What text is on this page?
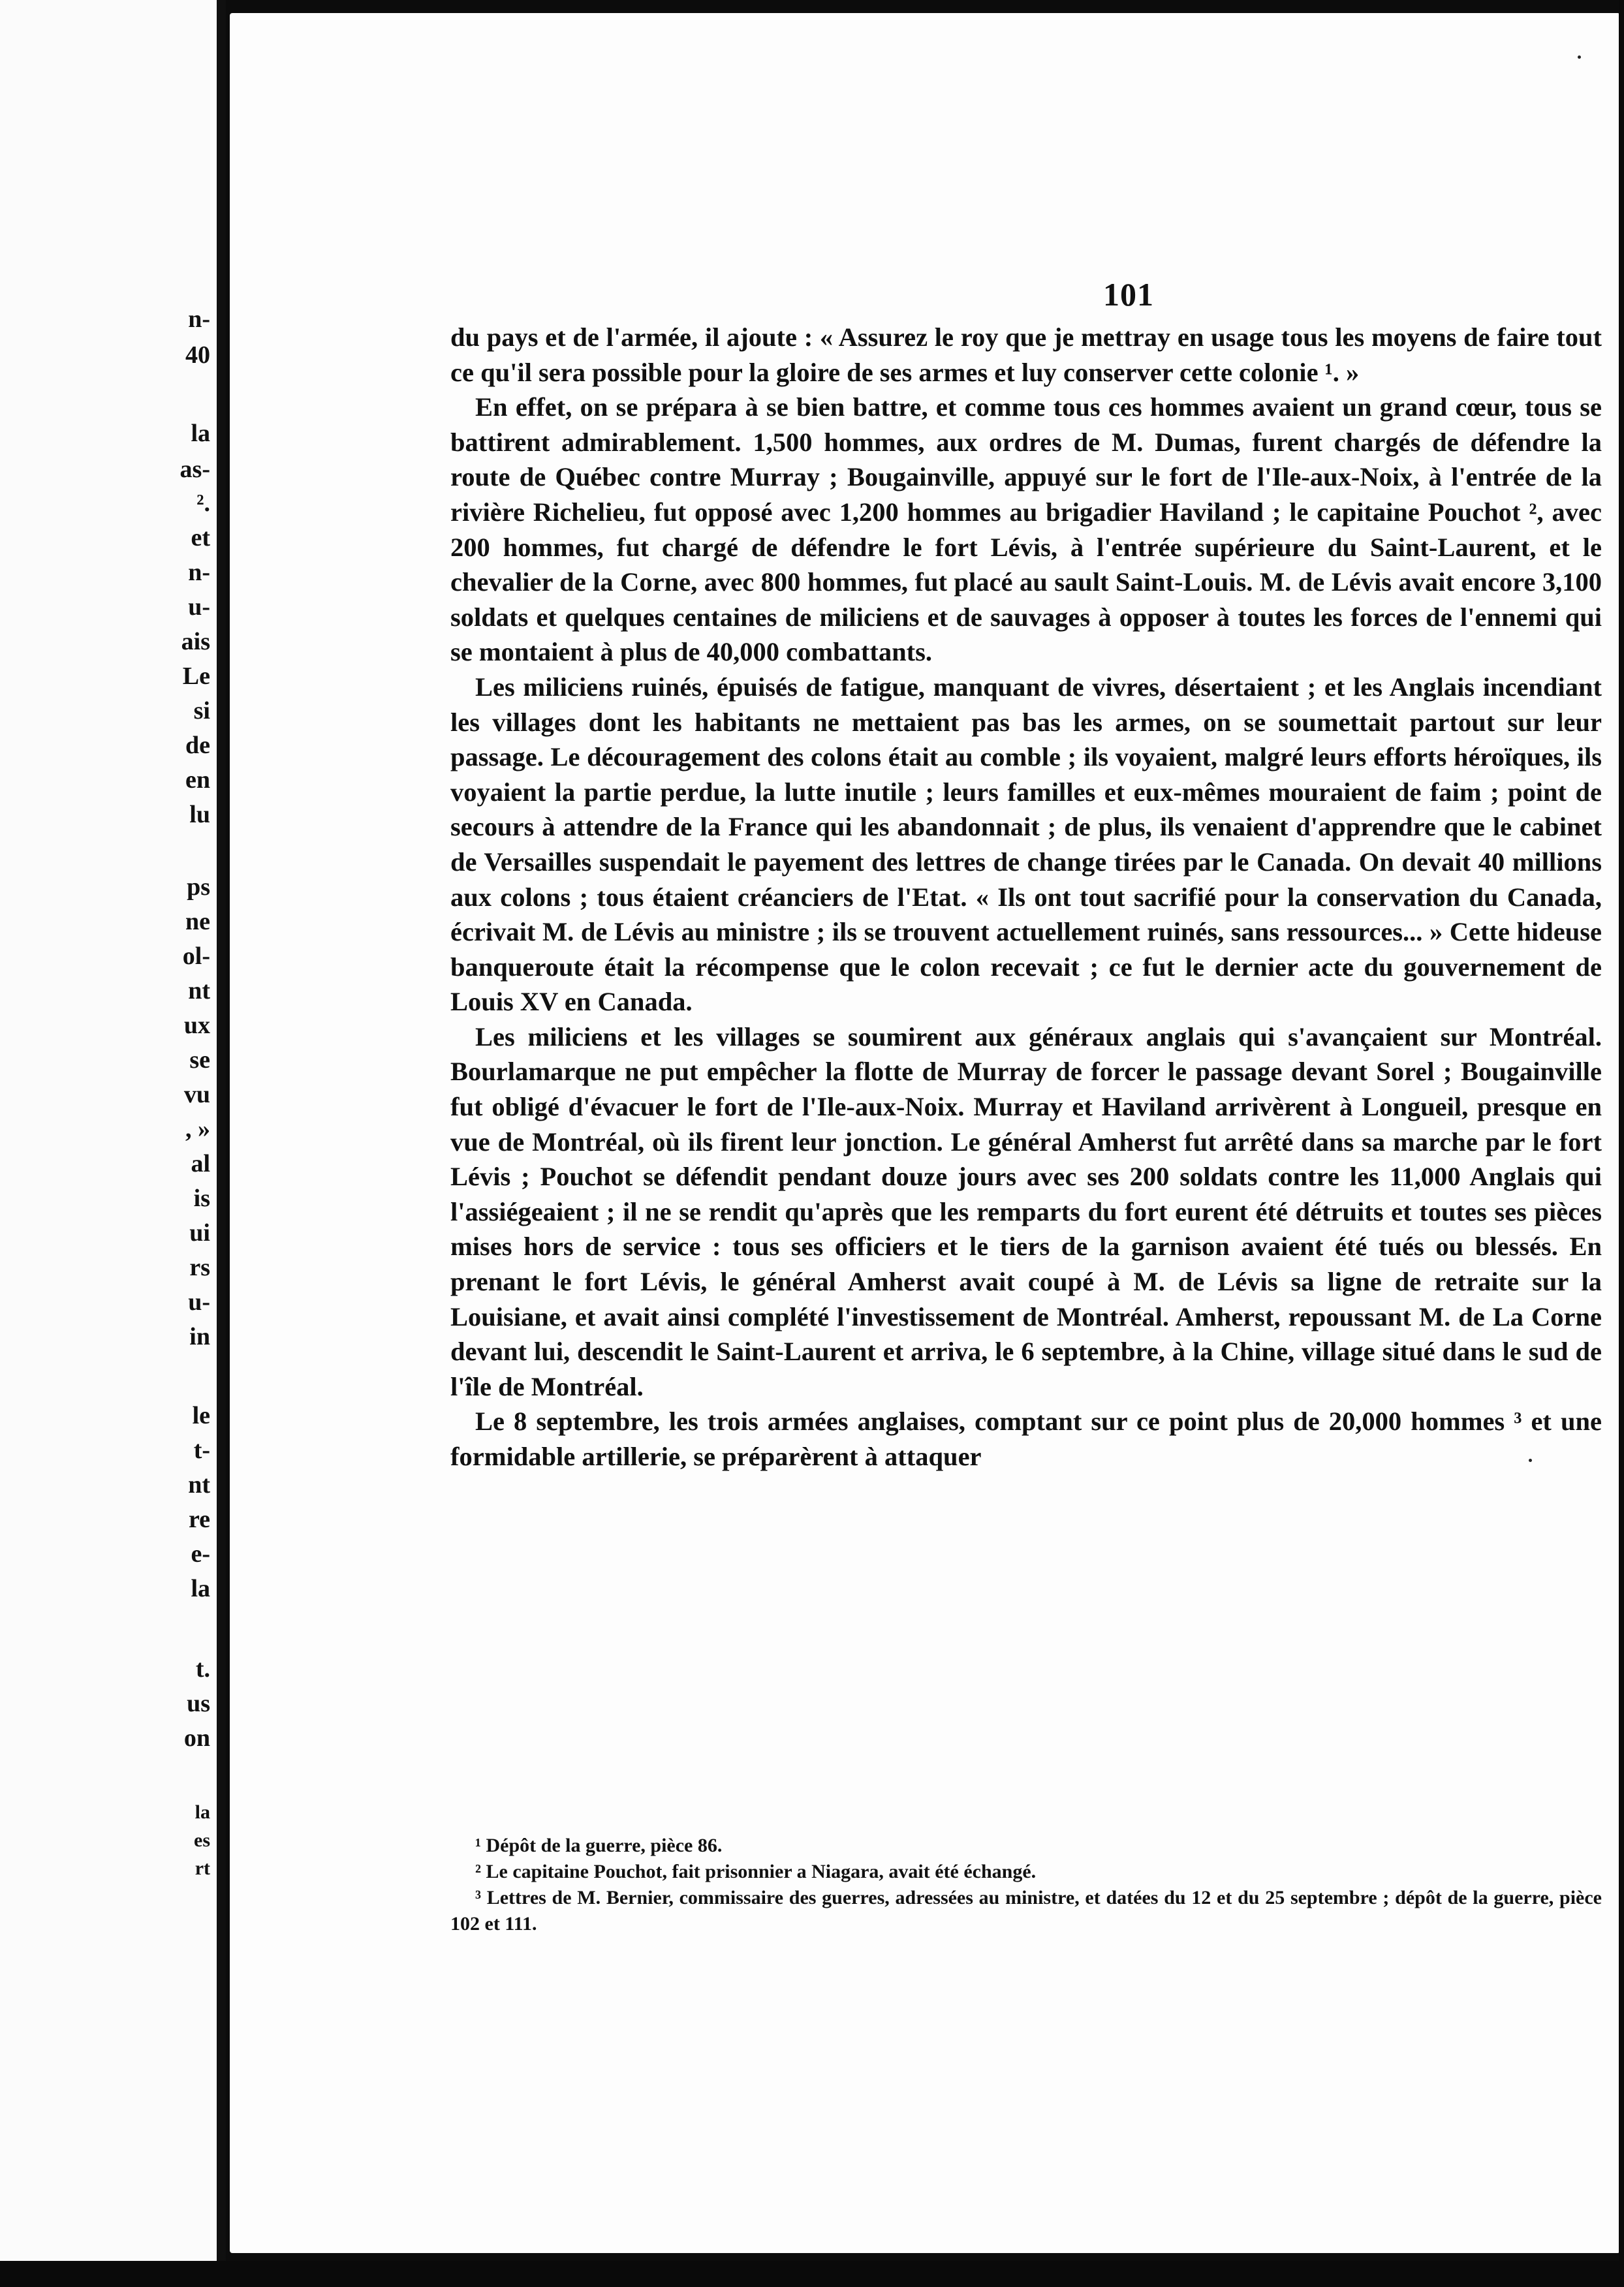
n-
40
la
as-
².
et
n-
u-
ais
Le
si
de
en
lu
ps
ne
ol-
nt
ux
se
vu
, »
al
is
ui
rs
u-
in
le
t-
nt
re
e-
la
t.
us
on
la
es
rt
101

du pays et de l'armée, il ajoute : « Assurez le roy que je mettray en usage tous les moyens de faire tout ce qu'il sera possible pour la gloire de ses armes et luy conserver cette colonie ¹. »

En effet, on se prépara à se bien battre, et comme tous ces hommes avaient un grand cœur, tous se battirent admirablement. 1,500 hommes, aux ordres de M. Dumas, furent chargés de défendre la route de Québec contre Murray ; Bougainville, appuyé sur le fort de l'Ile-aux-Noix, à l'entrée de la rivière Richelieu, fut opposé avec 1,200 hommes au brigadier Haviland ; le capitaine Pouchot ², avec 200 hommes, fut chargé de défendre le fort Lévis, à l'entrée supérieure du Saint-Laurent, et le chevalier de la Corne, avec 800 hommes, fut placé au sault Saint-Louis. M. de Lévis avait encore 3,100 soldats et quelques centaines de miliciens et de sauvages à opposer à toutes les forces de l'ennemi qui se montaient à plus de 40,000 combattants.

Les miliciens ruinés, épuisés de fatigue, manquant de vivres, désertaient ; et les Anglais incendiant les villages dont les habitants ne mettaient pas bas les armes, on se soumettait partout sur leur passage. Le découragement des colons était au comble ; ils voyaient, malgré leurs efforts héroïques, ils voyaient la partie perdue, la lutte inutile ; leurs familles et eux-mêmes mouraient de faim ; point de secours à attendre de la France qui les abandonnait ; de plus, ils venaient d'apprendre que le cabinet de Versailles suspendait le payement des lettres de change tirées par le Canada. On devait 40 millions aux colons ; tous étaient créanciers de l'Etat. « Ils ont tout sacrifié pour la conservation du Canada, écrivait M. de Lévis au ministre ; ils se trouvent actuellement ruinés, sans ressources... » Cette hideuse banqueroute était la récompense que le colon recevait ; ce fut le dernier acte du gouvernement de Louis XV en Canada.

Les miliciens et les villages se soumirent aux généraux anglais qui s'avançaient sur Montréal. Bourlamarque ne put empêcher la flotte de Murray de forcer le passage devant Sorel ; Bougainville fut obligé d'évacuer le fort de l'Ile-aux-Noix. Murray et Haviland arrivèrent à Longueil, presque en vue de Montréal, où ils firent leur jonction. Le général Amherst fut arrêté dans sa marche par le fort Lévis ; Pouchot se défendit pendant douze jours avec ses 200 soldats contre les 11,000 Anglais qui l'assiégeaient ; il ne se rendit qu'après que les remparts du fort eurent été détruits et toutes ses pièces mises hors de service : tous ses officiers et le tiers de la garnison avaient été tués ou blessés. En prenant le fort Lévis, le général Amherst avait coupé à M. de Lévis sa ligne de retraite sur la Louisiane, et avait ainsi complété l'investissement de Montréal. Amherst, repoussant M. de La Corne devant lui, descendit le Saint-Laurent et arriva, le 6 septembre, à la Chine, village situé dans le sud de l'île de Montréal.

Le 8 septembre, les trois armées anglaises, comptant sur ce point plus de 20,000 hommes ³ et une formidable artillerie, se préparèrent à attaquer

¹ Dépôt de la guerre, pièce 86.

² Le capitaine Pouchot, fait prisonnier a Niagara, avait été échangé.

³ Lettres de M. Bernier, commissaire des guerres, adressées au ministre, et datées du 12 et du 25 septembre ; dépôt de la guerre, pièce 102 et 111.
